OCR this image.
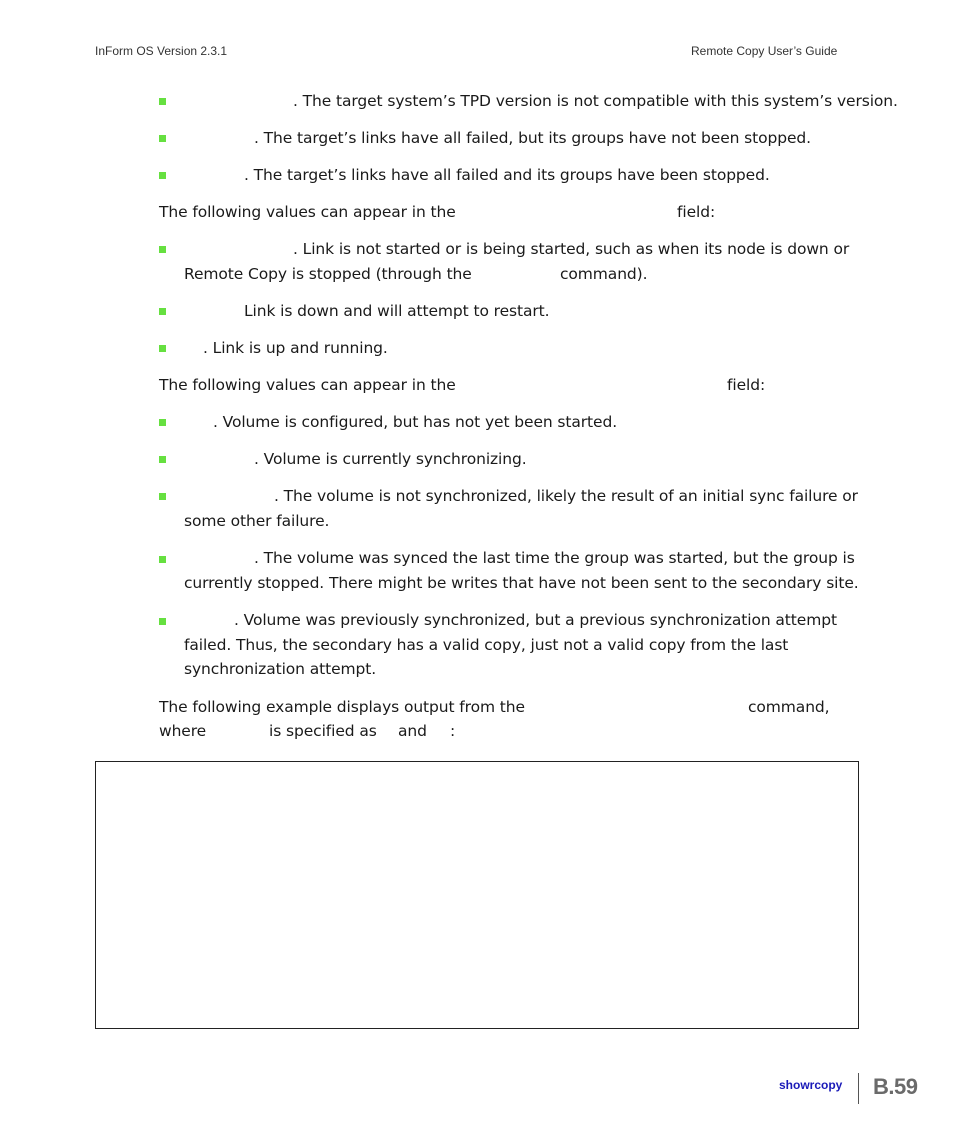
InForm OS Version 2.3.1	Remote Copy User’s Guide
. The target system’s TPD version is not compatible with this system’s version.
. The target’s links have all failed, but its groups have not been stopped.
. The target’s links have all failed and its groups have been stopped.
The following values can appear in the	field:
. Link is not started or is being started, such as when its node is down or
Remote Copy is stopped (through the	command).
Link is down and will attempt to restart.
. Link is up and running.
The following values can appear in the	field:
. Volume is configured, but has not yet been started.
. Volume is currently synchronizing.
. The volume is not synchronized, likely the result of an initial sync failure or
some other failure.
. The volume was synced the last time the group was started, but the group is
currently stopped. There might be writes that have not been sent to the secondary site.
. Volume was previously synchronized, but a previous synchronization attempt
failed. Thus, the secondary has a valid copy, just not a valid copy from the last
synchronization attempt.
The following example displays output from the	command,
where	is specified as and :
showrcopy B.59
